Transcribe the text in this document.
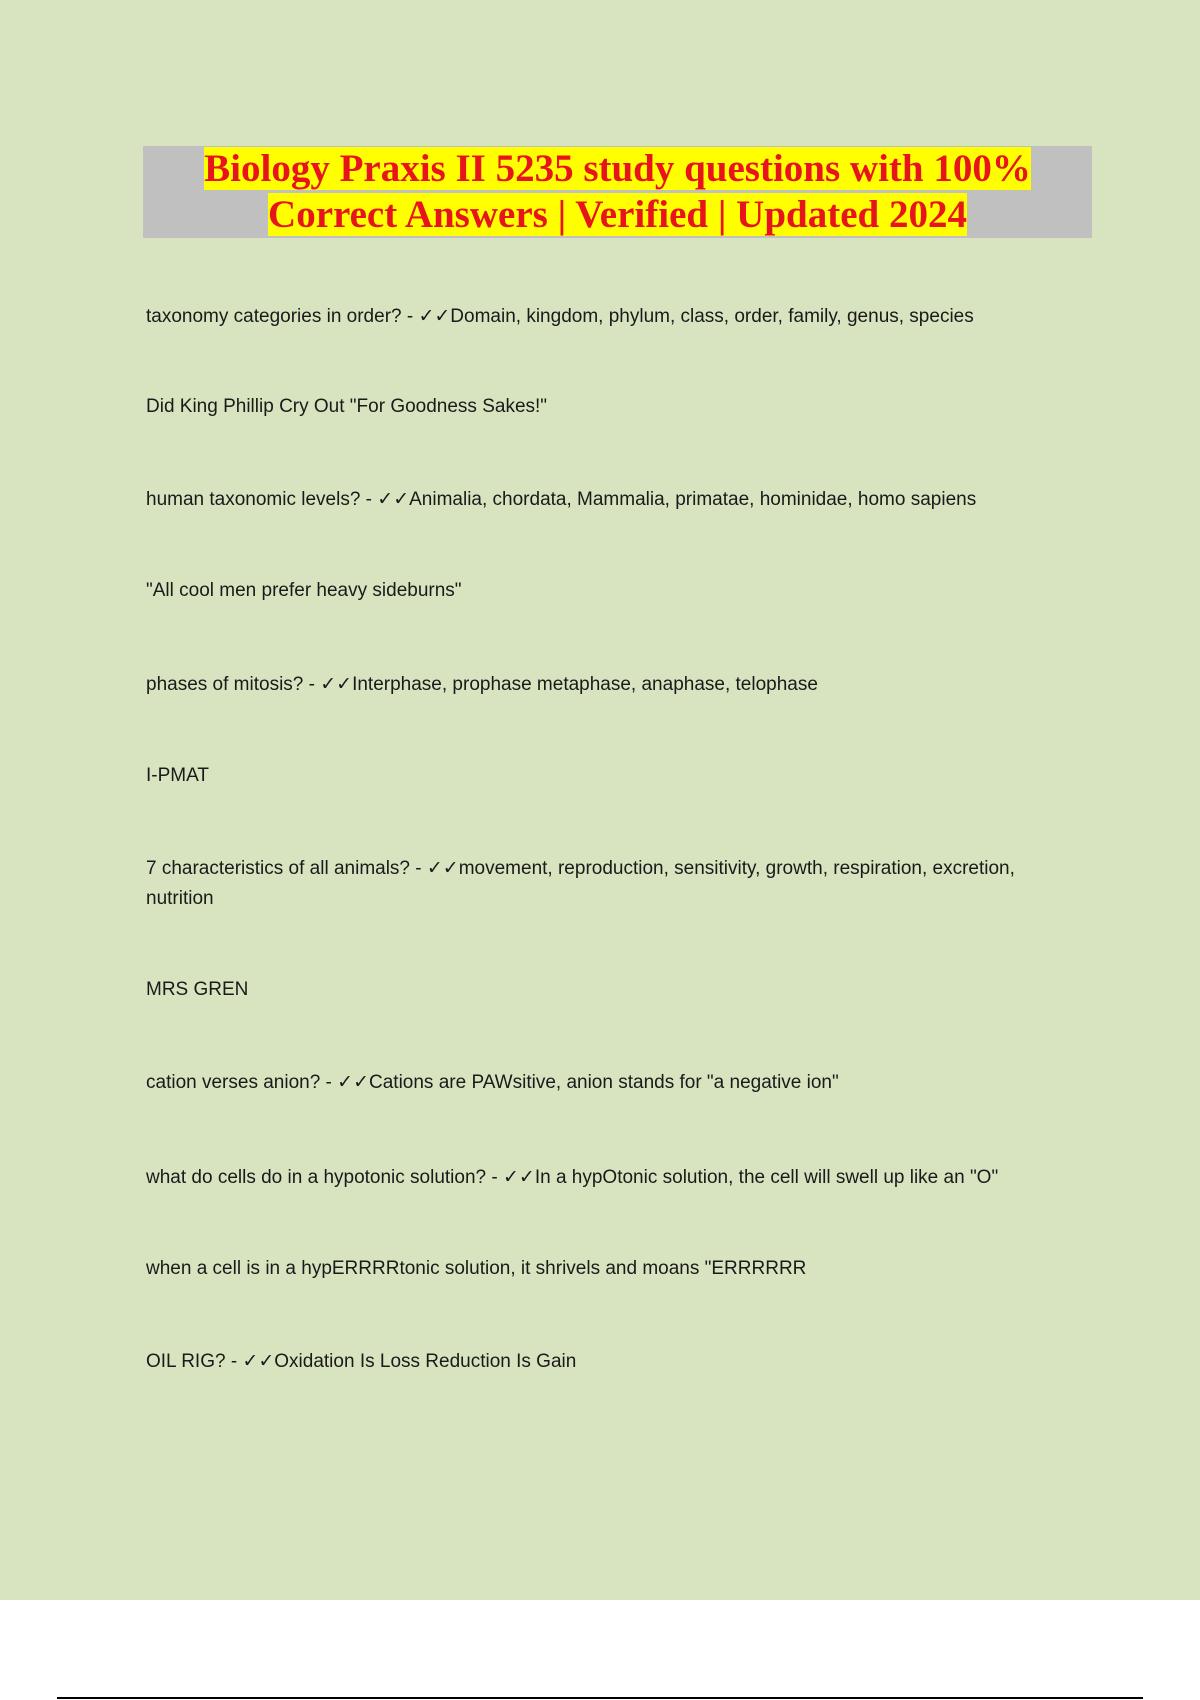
Biology Praxis II 5235 study questions with 100%
Correct Answers | Verified | Updated 2024

taxonomy categories in order? - ✓✓Domain, kingdom, phylum, class, order, family, genus, species

Did King Phillip Cry Out "For Goodness Sakes!"

human taxonomic levels? - ✓✓Animalia, chordata, Mammalia, primatae, hominidae, homo sapiens

"All cool men prefer heavy sideburns"

phases of mitosis? - ✓✓Interphase, prophase metaphase, anaphase, telophase

I-PMAT

7 characteristics of all animals? - ✓✓movement, reproduction, sensitivity, growth, respiration, excretion, nutrition

MRS GREN

cation verses anion? - ✓✓Cations are PAWsitive, anion stands for "a negative ion"

what do cells do in a hypotonic solution? - ✓✓In a hypOtonic solution, the cell will swell up like an "O"

when a cell is in a hypERRRRtonic solution, it shrivels and moans "ERRRRRR

OIL RIG? - ✓✓Oxidation Is Loss Reduction Is Gain
